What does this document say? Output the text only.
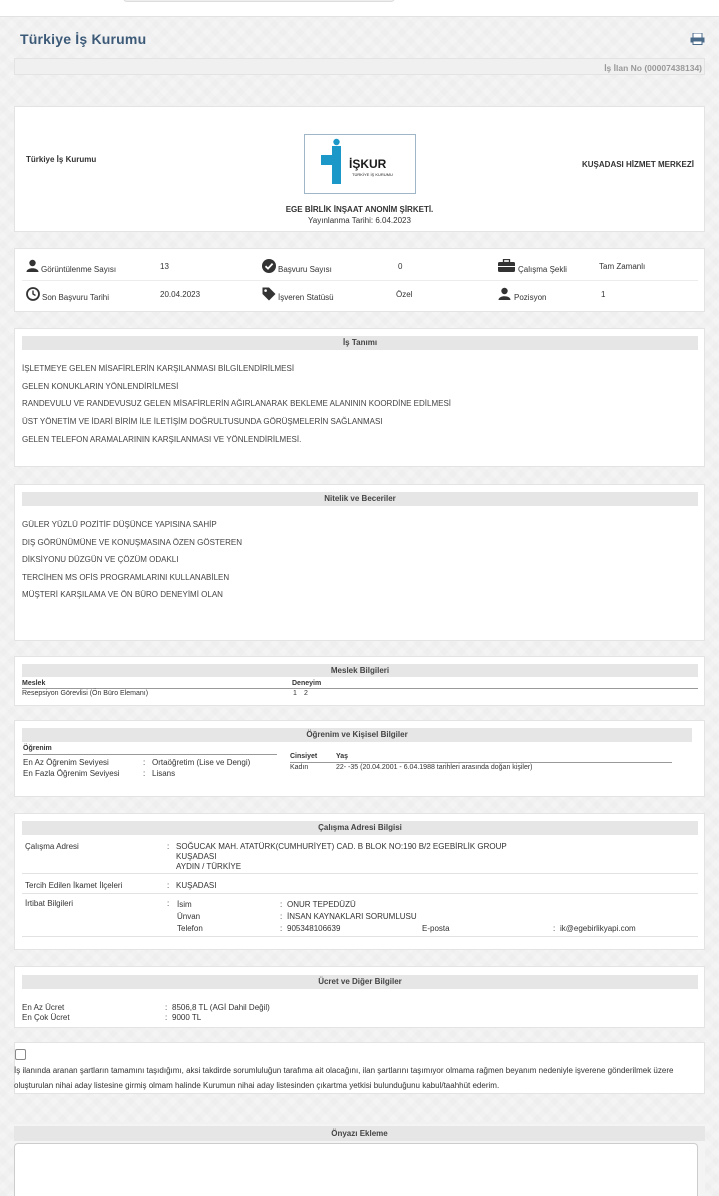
Türkiye İş Kurumu
İş İlan No (00007438134)
Türkiye İş Kurumu	İŞKUR
TÜRKİYE İŞ KURUMU
EGE BİRLİK İNŞAAT ANONİM ŞİRKETİ.
Yayınlanma Tarihi: 6.04.2023
KUŞADASI HİZMET MERKEZİ
Görüntülenme Sayısı	13	Başvuru Sayısı	0	Çalışma Şekli	Tam Zamanlı
Son Başvuru Tarihi	20.04.2023	İşveren Statüsü	Özel	Pozisyon	1
İş Tanımı
İŞLETMEYE GELEN MİSAFİRLERİN KARŞILANMASI BİLGİLENDİRİLMESİ
GELEN KONUKLARIN YÖNLENDİRİLMESİ
RANDEVULU VE RANDEVUSUZ GELEN MİSAFİRLERİN AĞIRLANARAK BEKLEME ALANININ KOORDİNE EDİLMESİ
ÜST YÖNETİM VE İDARİ BİRİM İLE İLETİŞİM DOĞRULTUSUNDA GÖRÜŞMELERİN SAĞLANMASI
GELEN TELEFON ARAMALARININ KARŞILANMASI VE YÖNLENDİRİLMESİ.
Nitelik ve Beceriler
GÜLER YÜZLÜ POZİTİF DÜŞÜNCE YAPISINA SAHİP
DIŞ GÖRÜNÜMÜNE VE KONUŞMASINA ÖZEN GÖSTEREN
DİKSİYONU DÜZGÜN VE ÇÖZÜM ODAKLI
TERCİHEN MS OFİS PROGRAMLARINI KULLANABİLEN
MÜŞTERİ KARŞILAMA VE ÖN BÜRO DENEYİMİ OLAN
Meslek Bilgileri
Meslek	Deneyim
Resepsiyon Görevlisi (Ön Büro Elemanı)	1 2
Öğrenim ve Kişisel Bilgiler
Öğrenim
En Az Öğrenim Seviyesi	: Ortaöğretim (Lise ve Dengi)
En Fazla Öğrenim Seviyesi	: Lisans
Cinsiyet	Yaş
Kadın	22- -35 (20.04.2001 - 6.04.1988 tarihleri arasında doğan kişiler)
Çalışma Adresi Bilgisi
Çalışma Adresi	: SOĞUCAK MAH. ATATÜRK(CUMHURİYET) CAD. B BLOK NO:190 B/2 EGEBİRLİK GROUP
KUŞADASI
AYDIN / TÜRKİYE
Tercih Edilen İkamet İlçeleri	: KUŞADASI
İrtibat Bilgileri	: İsim	: ONUR TEPEDÜZÜ
Ünvan	: İNSAN KAYNAKLARI SORUMLUSU
Telefon	: 905348106639	E-posta	: ik@egebirlikyapi.com
Ücret ve Diğer Bilgiler
En Az Ücret	: 8506,8 TL (AGİ Dahil Değil)
En Çok Ücret	: 9000 TL
İş ilanında aranan şartların tamamını taşıdığımı, aksi takdirde sorumluluğun tarafıma ait olacağını, ilan şartlarını taşımıyor olmama rağmen beyanım nedeniyle işverene gönderilmek üzere oluşturulan nihai aday listesine girmiş olmam halinde Kurumun nihai aday listesinden çıkartma yetkisi bulunduğunu kabul/taahhüt ederim.
Önyazı Ekleme
